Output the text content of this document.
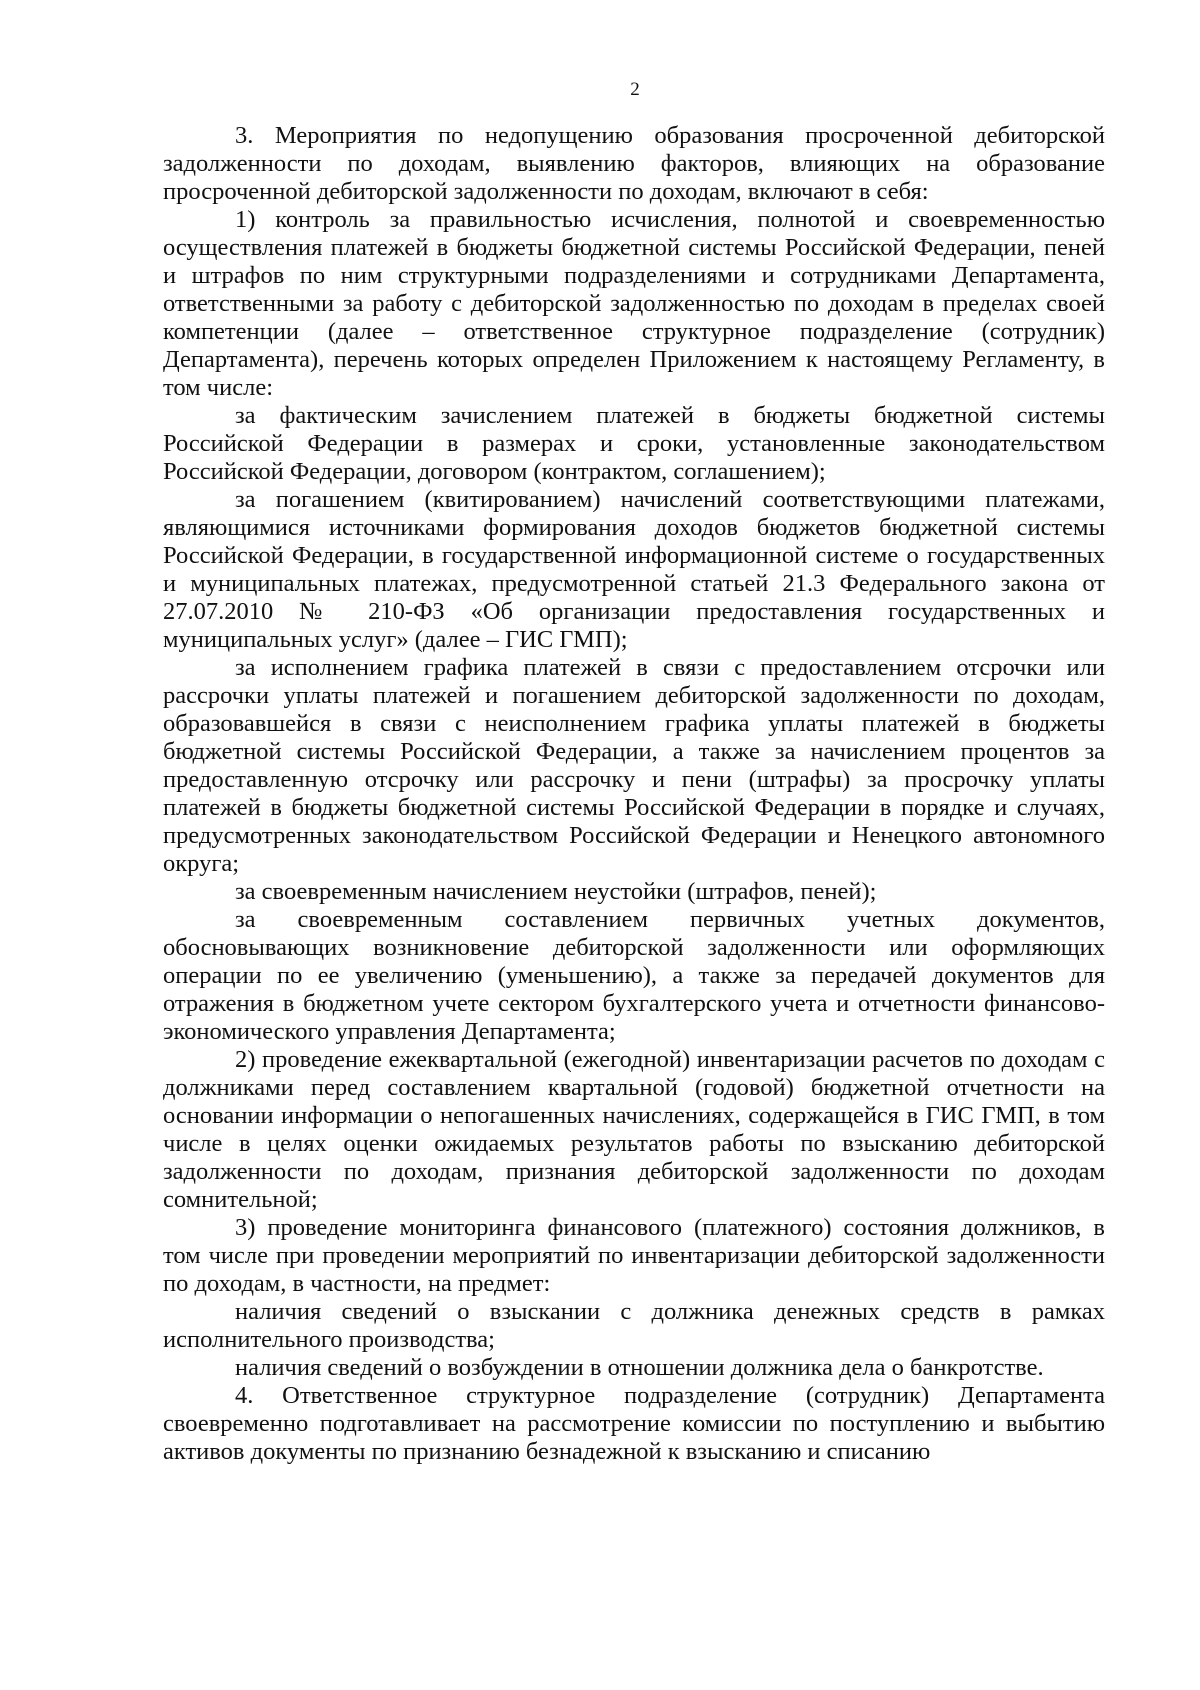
2

3. Мероприятия по недопущению образования просроченной дебиторской задолженности по доходам, выявлению факторов, влияющих на образование просроченной дебиторской задолженности по доходам, включают в себя:

1) контроль за правильностью исчисления, полнотой и своевременностью осуществления платежей в бюджеты бюджетной системы Российской Федерации, пеней и штрафов по ним структурными подразделениями и сотрудниками Департамента, ответственными за работу с дебиторской задолженностью по доходам в пределах своей компетенции (далее – ответственное структурное подразделение (сотрудник) Департамента), перечень которых определен Приложением к настоящему Регламенту, в том числе:

за фактическим зачислением платежей в бюджеты бюджетной системы Российской Федерации в размерах и сроки, установленные законодательством Российской Федерации, договором (контрактом, соглашением);

за погашением (квитированием) начислений соответствующими платежами, являющимися источниками формирования доходов бюджетов бюджетной системы Российской Федерации, в государственной информационной системе о государственных и муниципальных платежах, предусмотренной статьей 21.3 Федерального закона от 27.07.2010 № 210-ФЗ «Об организации предоставления государственных и муниципальных услуг» (далее – ГИС ГМП);

за исполнением графика платежей в связи с предоставлением отсрочки или рассрочки уплаты платежей и погашением дебиторской задолженности по доходам, образовавшейся в связи с неисполнением графика уплаты платежей в бюджеты бюджетной системы Российской Федерации, а также за начислением процентов за предоставленную отсрочку или рассрочку и пени (штрафы) за просрочку уплаты платежей в бюджеты бюджетной системы Российской Федерации в порядке и случаях, предусмотренных законодательством Российской Федерации и Ненецкого автономного округа;

за своевременным начислением неустойки (штрафов, пеней);

за своевременным составлением первичных учетных документов, обосновывающих возникновение дебиторской задолженности или оформляющих операции по ее увеличению (уменьшению), а также за передачей документов для отражения в бюджетном учете сектором бухгалтерского учета и отчетности финансово-экономического управления Департамента;

2) проведение ежеквартальной (ежегодной) инвентаризации расчетов по доходам с должниками перед составлением квартальной (годовой) бюджетной отчетности на основании информации о непогашенных начислениях, содержащейся в ГИС ГМП, в том числе в целях оценки ожидаемых результатов работы по взысканию дебиторской задолженности по доходам, признания дебиторской задолженности по доходам сомнительной;

3) проведение мониторинга финансового (платежного) состояния должников, в том числе при проведении мероприятий по инвентаризации дебиторской задолженности по доходам, в частности, на предмет:

наличия сведений о взыскании с должника денежных средств в рамках исполнительного производства;

наличия сведений о возбуждении в отношении должника дела о банкротстве.

4. Ответственное структурное подразделение (сотрудник) Департамента своевременно подготавливает на рассмотрение комиссии по поступлению и выбытию активов документы по признанию безнадежной к взысканию и списанию
